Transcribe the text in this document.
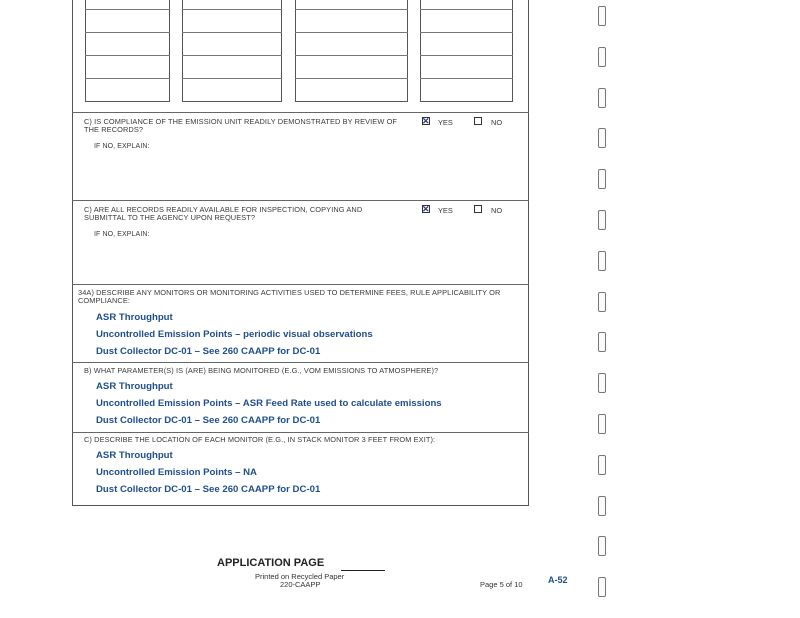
C) IS COMPLIANCE OF THE EMISSION UNIT READILY DEMONSTRATED BY REVIEW OF THE RECORDS?
✕ YES	NO
IF NO, EXPLAIN:
C) ARE ALL RECORDS READILY AVAILABLE FOR INSPECTION, COPYING AND SUBMITTAL TO THE AGENCY UPON REQUEST?
✕ YES	NO
IF NO, EXPLAIN:
34A) DESCRIBE ANY MONITORS OR MONITORING ACTIVITIES USED TO DETERMINE FEES, RULE APPLICABILITY OR COMPLIANCE:
ASR Throughput
Uncontrolled Emission Points – periodic visual observations
Dust Collector DC-01 – See 260 CAAPP for DC-01
B) WHAT PARAMETER(S) IS (ARE) BEING MONITORED (E.G., VOM EMISSIONS TO ATMOSPHERE)?
ASR Throughput
Uncontrolled Emission Points – ASR Feed Rate used to calculate emissions
Dust Collector DC-01 – See 260 CAAPP for DC-01
C) DESCRIBE THE LOCATION OF EACH MONITOR (E.G., IN STACK MONITOR 3 FEET FROM EXIT):
ASR Throughput
Uncontrolled Emission Points – NA
Dust Collector DC-01 – See 260 CAAPP for DC-01
APPLICATION PAGE
Printed on Recycled Paper
220-CAAPP	Page 5 of 10	A-52
